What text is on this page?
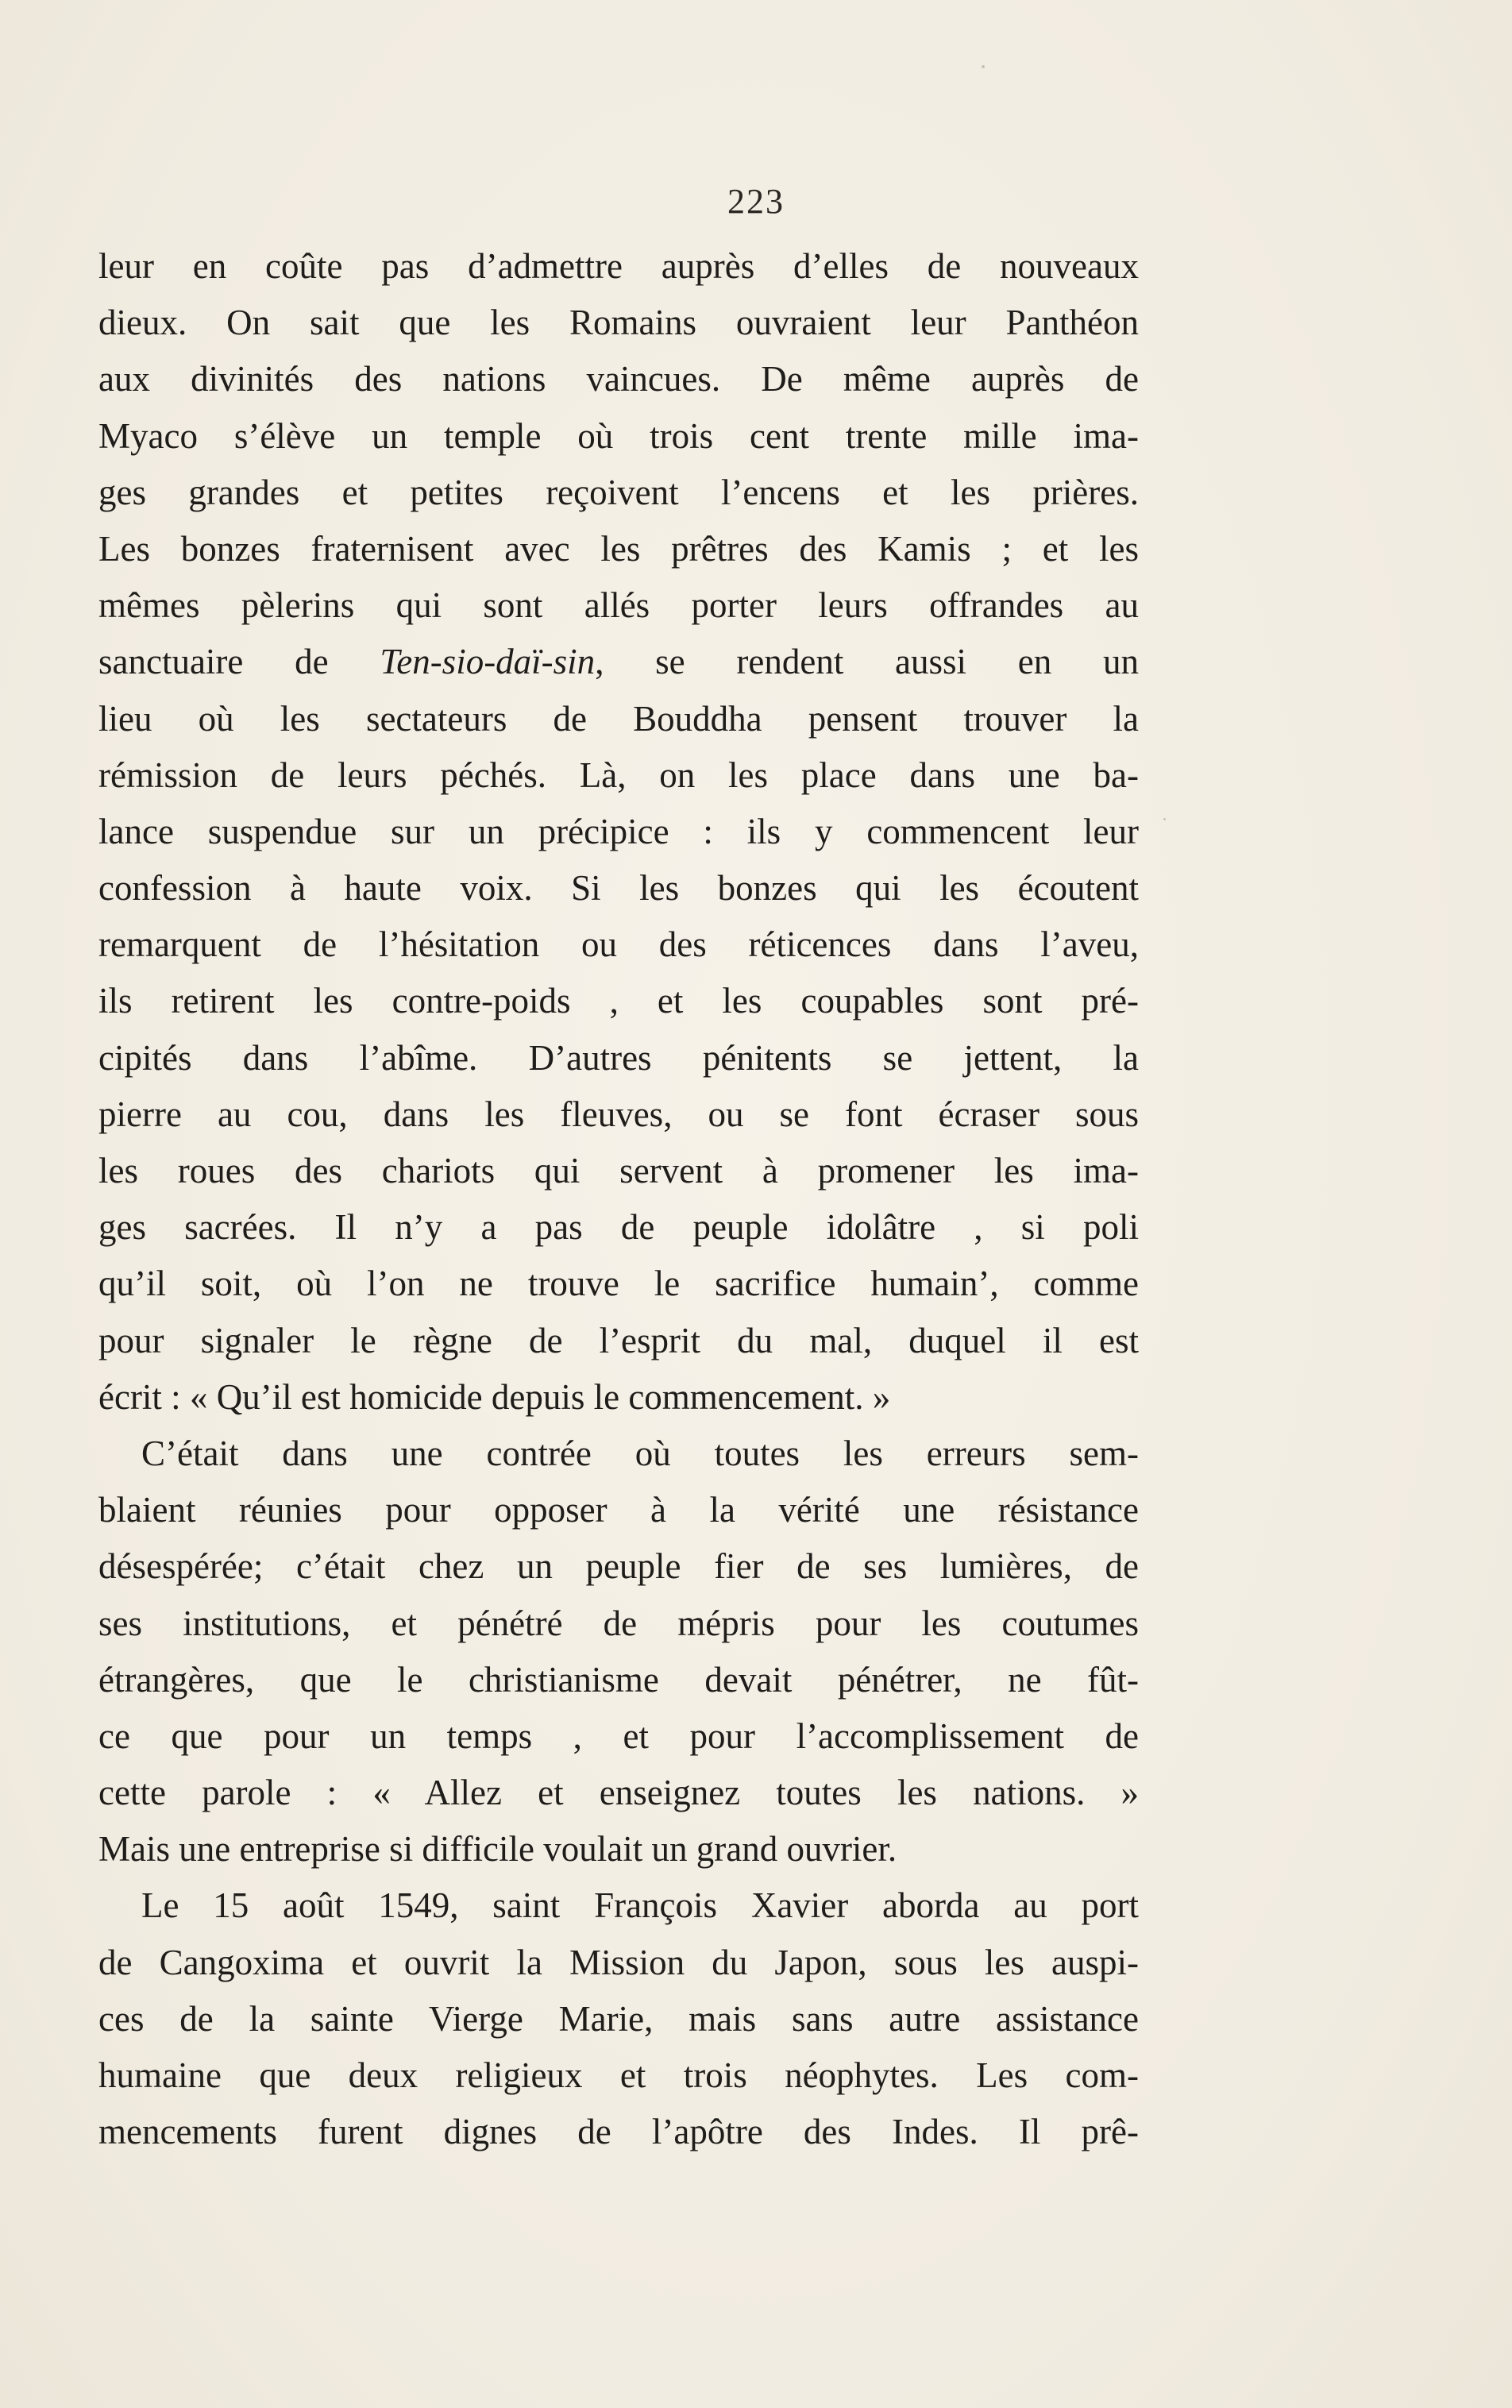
223
leur en coûte pas d’admettre auprès d’elles de nouveaux
dieux. On sait que les Romains ouvraient leur Panthéon
aux divinités des nations vaincues. De même auprès de
Myaco s’élève un temple où trois cent trente mille ima-
ges grandes et petites reçoivent l’encens et les prières.
Les bonzes fraternisent avec les prêtres des Kamis ; et les
mêmes pèlerins qui sont allés porter leurs offrandes au
sanctuaire de Ten-sio-daï-sin, se rendent aussi en un
lieu où les sectateurs de Bouddha pensent trouver la
rémission de leurs péchés. Là, on les place dans une ba-
lance suspendue sur un précipice : ils y commencent leur
confession à haute voix. Si les bonzes qui les écoutent
remarquent de l’hésitation ou des réticences dans l’aveu,
ils retirent les contre-poids , et les coupables sont pré-
cipités dans l’abîme. D’autres pénitents se jettent, la
pierre au cou, dans les fleuves, ou se font écraser sous
les roues des chariots qui servent à promener les ima-
ges sacrées. Il n’y a pas de peuple idolâtre , si poli
qu’il soit, où l’on ne trouve le sacrifice humain’, comme
pour signaler le règne de l’esprit du mal, duquel il est
écrit : « Qu’il est homicide depuis le commencement. »
C’était dans une contrée où toutes les erreurs sem-
blaient réunies pour opposer à la vérité une résistance
désespérée; c’était chez un peuple fier de ses lumières, de
ses institutions, et pénétré de mépris pour les coutumes
étrangères, que le christianisme devait pénétrer, ne fût-
ce que pour un temps , et pour l’accomplissement de
cette parole : « Allez et enseignez toutes les nations. »
Mais une entreprise si difficile voulait un grand ouvrier.
Le 15 août 1549, saint François Xavier aborda au port
de Cangoxima et ouvrit la Mission du Japon, sous les auspi-
ces de la sainte Vierge Marie, mais sans autre assistance
humaine que deux religieux et trois néophytes. Les com-
mencements furent dignes de l’apôtre des Indes. Il prê-
